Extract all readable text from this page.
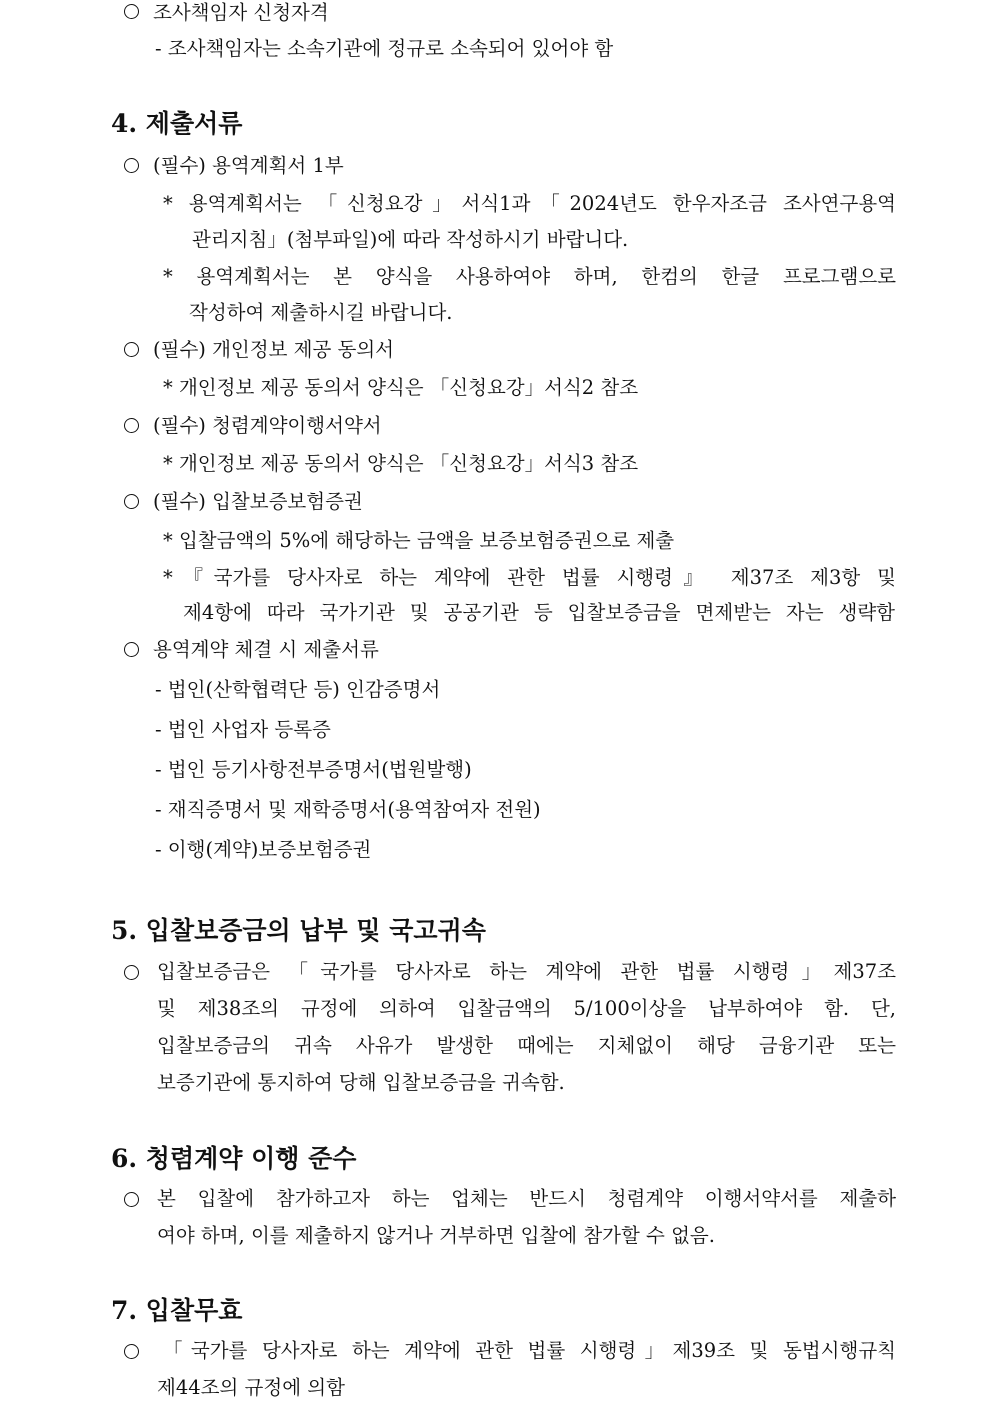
조사책임자 신청자격
- 조사책임자는 소속기관에 정규로 소속되어 있어야 함
4. 제출서류
(필수) 용역계획서 1부
* 용역계획서는 「신청요강」서식1과「2024년도 한우자조금 조사연구용역
관리지침」(첨부파일)에 따라 작성하시기 바랍니다.
* 용역계획서는 본 양식을 사용하여야 하며, 한컴의 한글 프로그램으로
작성하여 제출하시길 바랍니다.
(필수) 개인정보 제공 동의서
* 개인정보 제공 동의서 양식은 「신청요강」서식2 참조
(필수) 청렴계약이행서약서
* 개인정보 제공 동의서 양식은 「신청요강」서식3 참조
(필수) 입찰보증보험증권
* 입찰금액의 5%에 해당하는 금액을 보증보험증권으로 제출
*『국가를 당사자로 하는 계약에 관한 법률 시행령』 제37조 제3항 및
제4항에 따라 국가기관 및 공공기관 등 입찰보증금을 면제받는 자는 생략함
용역계약 체결 시 제출서류
- 법인(산학협력단 등) 인감증명서
- 법인 사업자 등록증
- 법인 등기사항전부증명서(법원발행)
- 재직증명서 및 재학증명서(용역참여자 전원)
- 이행(계약)보증보험증권
5. 입찰보증금의 납부 및 국고귀속
입찰보증금은 「국가를 당사자로 하는 계약에 관한 법률 시행령」제37조
및 제38조의 규정에 의하여 입찰금액의 5/100이상을 납부하여야 함. 단,
입찰보증금의 귀속 사유가 발생한 때에는 지체없이 해당 금융기관 또는
보증기관에 통지하여 당해 입찰보증금을 귀속함.
6. 청렴계약 이행 준수
본 입찰에 참가하고자 하는 업체는 반드시 청렴계약 이행서약서를 제출하
여야 하며, 이를 제출하지 않거나 거부하면 입찰에 참가할 수 없음.
7. 입찰무효
「국가를 당사자로 하는 계약에 관한 법률 시행령」제39조 및 동법시행규칙
제44조의 규정에 의함
